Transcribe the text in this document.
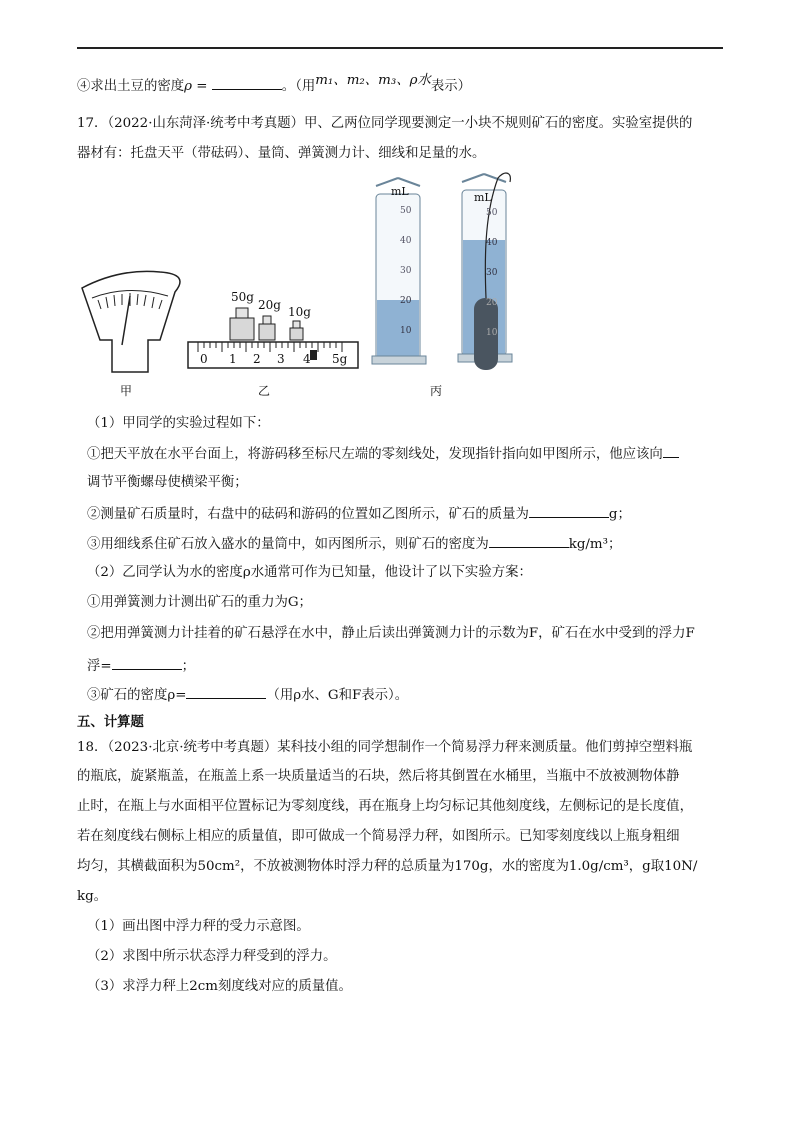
④求出土豆的密度ρ =	。（用m₁、m₂、m₃、ρ水表示）
17．（2022·山东菏泽·统考中考真题）甲、乙两位同学现要测定一小块不规则矿石的密度。实验室提供的
器材有：托盘天平（带砝码）、量筒、弹簧测力计、细线和足量的水。
50g
20g 10g
0 1 2 3 4 5g
mL
50
40
30
20
10
mL
50
40
30
20
10
甲	乙	丙
（1）甲同学的实验过程如下：
①把天平放在水平台面上，将游码移至标尺左端的零刻线处，发现指针指向如甲图所示，他应该向
调节平衡螺母使横梁平衡；
②测量矿石质量时，右盘中的砝码和游码的位置如乙图所示，矿石的质量为	g；
③用细线系住矿石放入盛水的量筒中，如丙图所示，则矿石的密度为	kg/m³；
（2）乙同学认为水的密度ρ水通常可作为已知量，他设计了以下实验方案：
①用弹簧测力计测出矿石的重力为G；
②把用弹簧测力计挂着的矿石悬浮在水中，静止后读出弹簧测力计的示数为F，矿石在水中受到的浮力F
浮=	；
③矿石的密度ρ=	（用ρ水、G和F表示）。
五、计算题
18．（2023·北京·统考中考真题）某科技小组的同学想制作一个简易浮力秤来测质量。他们剪掉空塑料瓶
的瓶底，旋紧瓶盖，在瓶盖上系一块质量适当的石块，然后将其倒置在水桶里，当瓶中不放被测物体静
止时，在瓶上与水面相平位置标记为零刻度线，再在瓶身上均匀标记其他刻度线，左侧标记的是长度值，
若在刻度线右侧标上相应的质量值，即可做成一个简易浮力秤，如图所示。已知零刻度线以上瓶身粗细
均匀，其横截面积为50cm²，不放被测物体时浮力秤的总质量为170g，水的密度为1.0g/cm³，g取10N/
kg。
（1）画出图中浮力秤的受力示意图。
（2）求图中所示状态浮力秤受到的浮力。
（3）求浮力秤上2cm刻度线对应的质量值。
